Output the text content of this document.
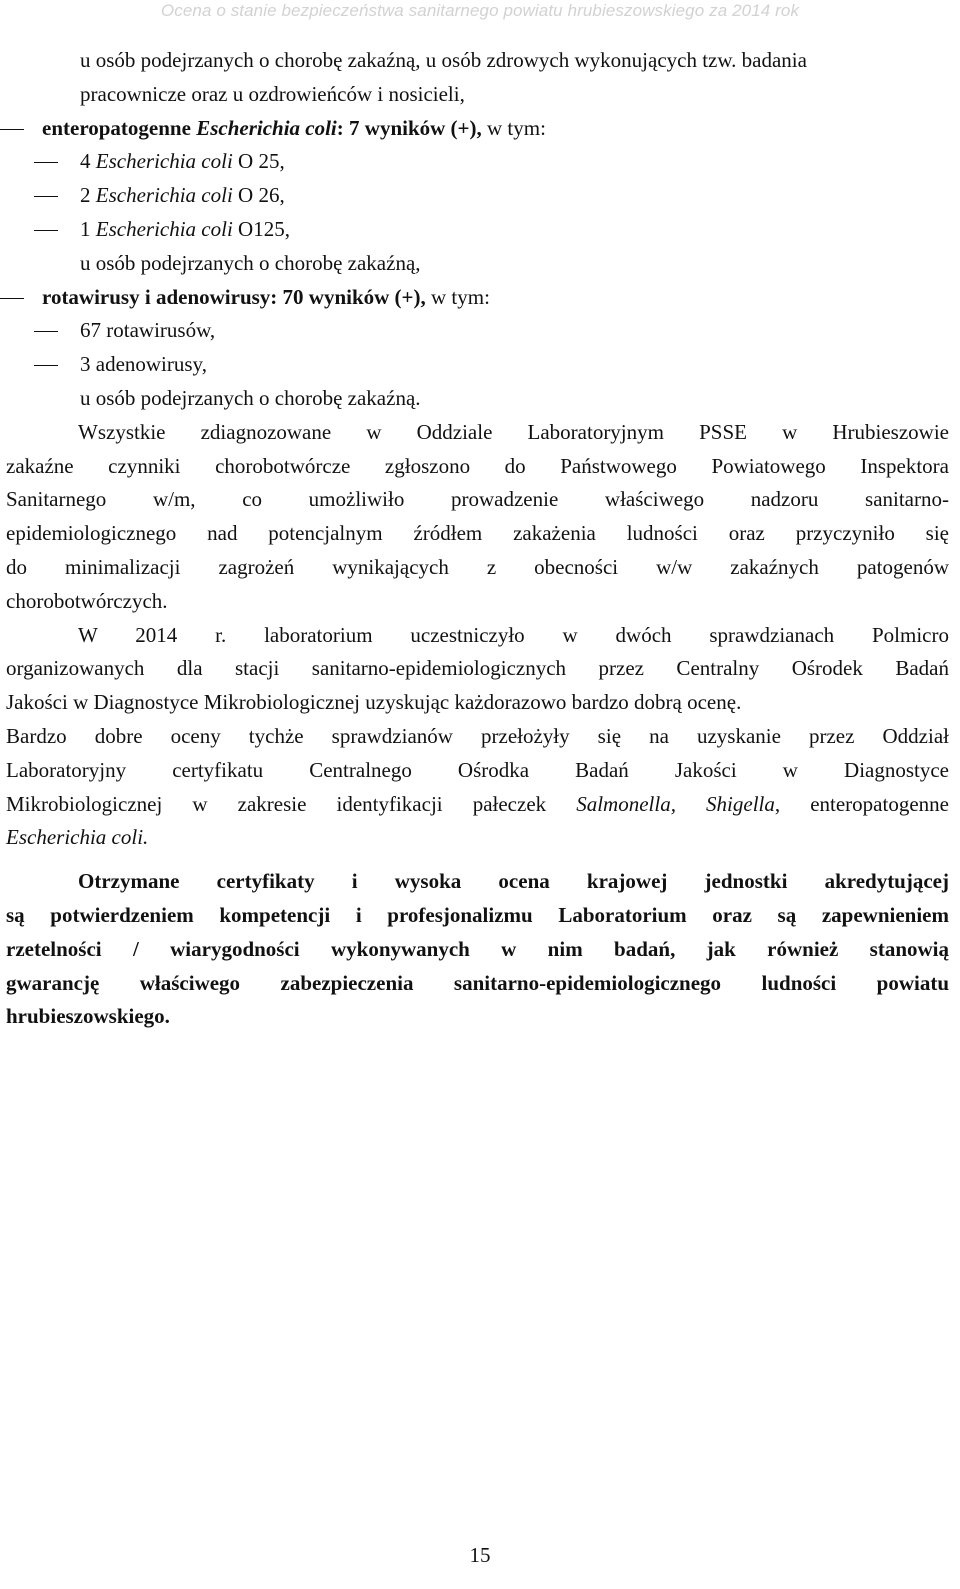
Ocena o stanie bezpieczeństwa sanitarnego powiatu hrubieszowskiego za 2014 rok
u osób podejrzanych o chorobę zakaźną, u osób zdrowych wykonujących tzw. badania
pracownicze oraz u ozdrowieńców i nosicieli,
enteropatogenne Escherichia coli: 7 wyników (+), w tym:
4 Escherichia coli O 25,
2 Escherichia coli O 26,
1 Escherichia coli O125,
u osób podejrzanych o chorobę zakaźną,
rotawirusy i adenowirusy: 70 wyników (+), w tym:
67 rotawirusów,
3 adenowirusy,
u osób podejrzanych o chorobę zakaźną.
Wszystkie zdiagnozowane w Oddziale Laboratoryjnym PSSE w Hrubieszowie
zakaźne czynniki chorobotwórcze zgłoszono do Państwowego Powiatowego Inspektora
Sanitarnego w/m, co umożliwiło prowadzenie właściwego nadzoru sanitarno-
epidemiologicznego nad potencjalnym źródłem zakażenia ludności oraz przyczyniło się
do minimalizacji zagrożeń wynikających z obecności w/w zakaźnych patogenów
chorobotwórczych.
W 2014 r. laboratorium uczestniczyło w dwóch sprawdzianach Polmicro
organizowanych dla stacji sanitarno-epidemiologicznych przez Centralny Ośrodek Badań
Jakości w Diagnostyce Mikrobiologicznej uzyskując każdorazowo bardzo dobrą ocenę.
Bardzo dobre oceny tychże sprawdzianów przełożyły się na uzyskanie przez Oddział
Laboratoryjny certyfikatu Centralnego Ośrodka Badań Jakości w Diagnostyce
Mikrobiologicznej w zakresie identyfikacji pałeczek Salmonella, Shigella, enteropatogenne
Escherichia coli.
Otrzymane certyfikaty i wysoka ocena krajowej jednostki akredytującej
są potwierdzeniem kompetencji i profesjonalizmu Laboratorium oraz są zapewnieniem
rzetelności / wiarygodności wykonywanych w nim badań, jak również stanowią
gwarancję właściwego zabezpieczenia sanitarno-epidemiologicznego ludności powiatu
hrubieszowskiego.
15
